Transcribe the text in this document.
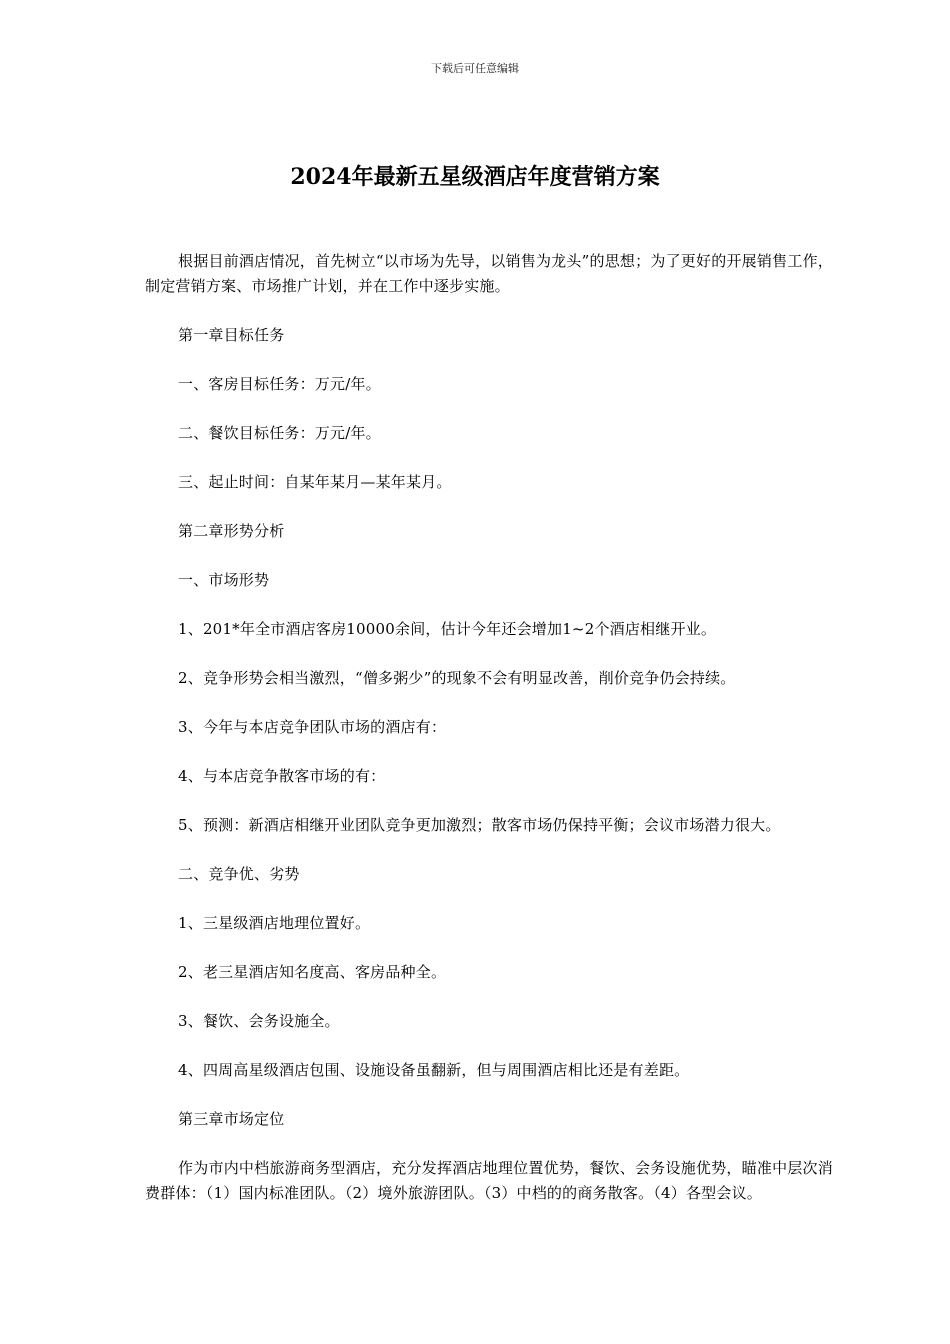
下载后可任意编辑
2024年最新五星级酒店年度营销方案

根据目前酒店情况，首先树立“以市场为先导，以销售为龙头”的思想；为了更好的开展销售工作，制定营销方案、市场推广计划，并在工作中逐步实施。

第一章目标任务

一、客房目标任务：万元/年。

二、餐饮目标任务：万元/年。

三、起止时间：自某年某月—某年某月。

第二章形势分析

一、市场形势

1、201*年全市酒店客房10000余间，估计今年还会增加1~2个酒店相继开业。

2、竞争形势会相当激烈，“僧多粥少”的现象不会有明显改善，削价竞争仍会持续。

3、今年与本店竞争团队市场的酒店有：

4、与本店竞争散客市场的有：

5、预测：新酒店相继开业团队竞争更加激烈；散客市场仍保持平衡；会议市场潜力很大。

二、竞争优、劣势

1、三星级酒店地理位置好。

2、老三星酒店知名度高、客房品种全。

3、餐饮、会务设施全。

4、四周高星级酒店包围、设施设备虽翻新，但与周围酒店相比还是有差距。

第三章市场定位

作为市内中档旅游商务型酒店，充分发挥酒店地理位置优势，餐饮、会务设施优势，瞄准中层次消费群体：（1）国内标准团队。（2）境外旅游团队。（3）中档的的商务散客。（4）各型会议。
